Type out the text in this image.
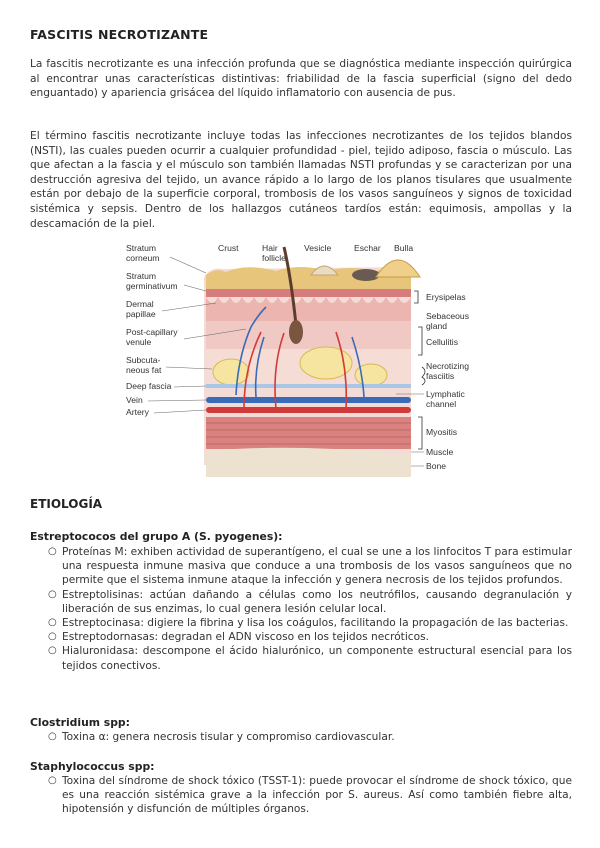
FASCITIS NECROTIZANTE

La fascitis necrotizante es una infección profunda que se diagnóstica mediante inspección quirúrgica al encontrar unas características distintivas: friabilidad de la fascia superficial (signo del dedo enguantado) y apariencia grisácea del líquido inflamatorio con ausencia de pus.

El término fascitis necrotizante incluye todas las infecciones necrotizantes de los tejidos blandos (NSTI), las cuales pueden ocurrir a cualquier profundidad - piel, tejido adiposo, fascia o músculo. Las que afectan a la fascia y el músculo son también llamadas NSTI profundas y se caracterizan por una destrucción agresiva del tejido, un avance rápido a lo largo de los planos tisulares que usualmente están por debajo de la superficie corporal, trombosis de los vasos sanguíneos y signos de toxicidad sistémica y sepsis. Dentro de los hallazgos cutáneos tardíos están: equimosis, ampollas y la descamación de la piel.

Crust	Hair
follicle
Vesicle	Eschar Bulla
Stratum
corneum
Stratum
germinativum
Dermal
papillae
Post-capillary
venule
Subcuta-
neous fat
Deep fascia
Vein
Artery
Erysipelas
Sebaceous
gland
Cellulitis
Necrotizing
fasciitis
Lymphatic
channel
Myositis
Muscle
Bone
ETIOLOGÍA
Estreptococos del grupo A (S. pyogenes):
○ Proteínas M: exhiben actividad de superantígeno, el cual se une a los linfocitos T para estimular una respuesta inmune masiva que conduce a una trombosis de los vasos sanguíneos que no permite que el sistema inmune ataque la infección y genera necrosis de los tejidos profundos.
○ Estreptolisinas: actúan dañando a células como los neutrófilos, causando degranulación y liberación de sus enzimas, lo cual genera lesión celular local.
○ Estreptocinasa: digiere la fibrina y lisa los coágulos, facilitando la propagación de las bacterias.
○ Estreptodornasas: degradan el ADN viscoso en los tejidos necróticos.
○ Hialuronidasa: descompone el ácido hialurónico, un componente estructural esencial para los tejidos conectivos.
Clostridium spp:
○ Toxina α: genera necrosis tisular y compromiso cardiovascular.
Staphylococcus spp:
○ Toxina del síndrome de shock tóxico (TSST-1): puede provocar el síndrome de shock tóxico, que es una reacción sistémica grave a la infección por S. aureus. Así como también fiebre alta, hipotensión y disfunción de múltiples órganos.
